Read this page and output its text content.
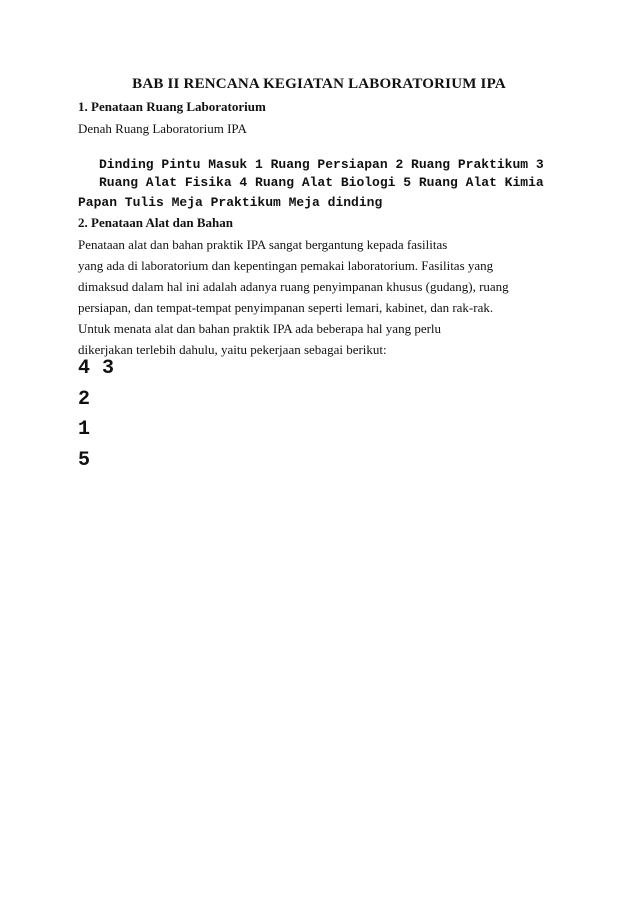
BAB II RENCANA KEGIATAN LABORATORIUM IPA
1. Penataan Ruang Laboratorium
Denah Ruang Laboratorium IPA
Dinding Pintu Masuk 1 Ruang Persiapan 2 Ruang Praktikum 3
Ruang Alat Fisika 4 Ruang Alat Biologi 5 Ruang Alat Kimia
Papan Tulis Meja Praktikum Meja dinding
2. Penataan Alat dan Bahan
Penataan alat dan bahan praktik IPA sangat bergantung kepada fasilitas
yang ada di laboratorium dan kepentingan pemakai laboratorium. Fasilitas yang
dimaksud dalam hal ini adalah adanya ruang penyimpanan khusus (gudang), ruang
persiapan, dan tempat-tempat penyimpanan seperti lemari, kabinet, dan rak-rak.
Untuk menata alat dan bahan praktik IPA ada beberapa hal yang perlu
dikerjakan terlebih dahulu, yaitu pekerjaan sebagai berikut:
4 3
2
1
5
